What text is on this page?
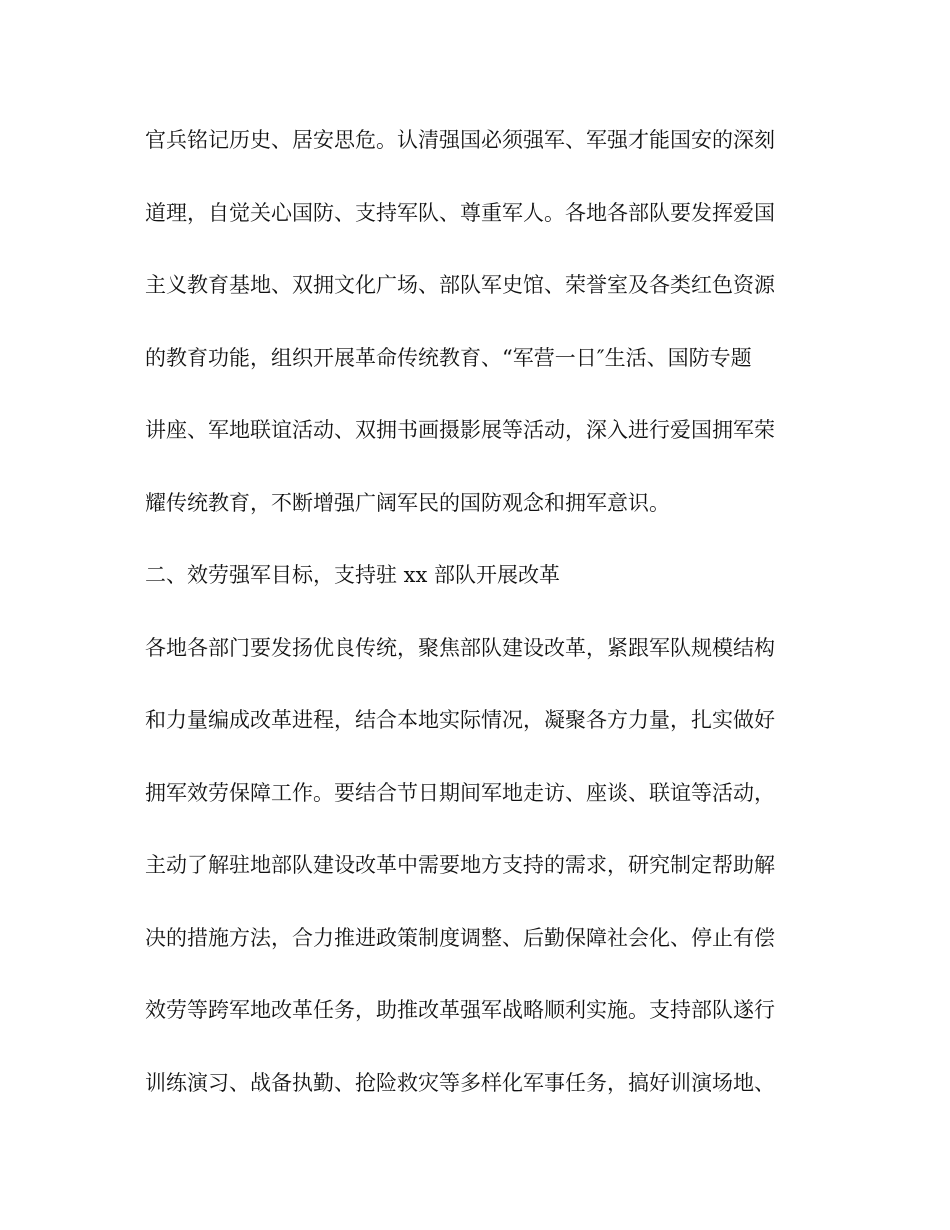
官兵铭记历史、居安思危。认清强国必须强军、军强才能国安的深刻
道理，自觉关心国防、支持军队、尊重军人。各地各部队要发挥爱国
主义教育基地、双拥文化广场、部队军史馆、荣誉室及各类红色资源
的教育功能，组织开展革命传统教育、“军营一日″生活、国防专题
讲座、军地联谊活动、双拥书画摄影展等活动，深入进行爱国拥军荣
耀传统教育，不断增强广阔军民的国防观念和拥军意识。
二、效劳强军目标，支持驻 xx 部队开展改革
各地各部门要发扬优良传统，聚焦部队建设改革，紧跟军队规模结构
和力量编成改革进程，结合本地实际情况，凝聚各方力量，扎实做好
拥军效劳保障工作。要结合节日期间军地走访、座谈、联谊等活动，
主动了解驻地部队建设改革中需要地方支持的需求，研究制定帮助解
决的措施方法，合力推进政策制度调整、后勤保障社会化、停止有偿
效劳等跨军地改革任务，助推改革强军战略顺利实施。支持部队遂行
训练演习、战备执勤、抢险救灾等多样化军事任务，搞好训演场地、
